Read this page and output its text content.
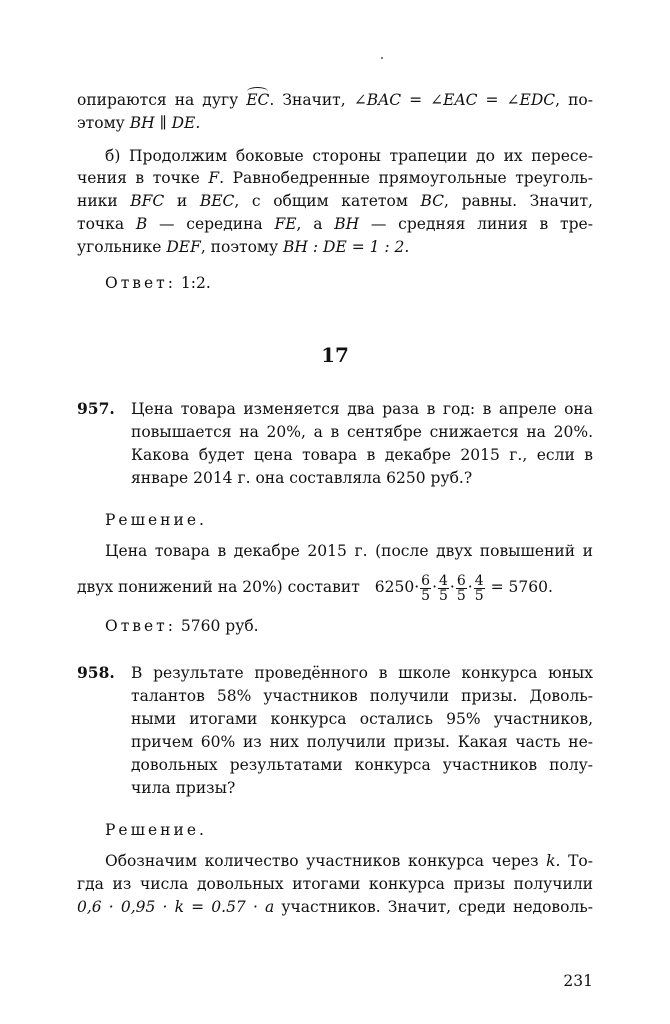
опираются на дугу EC. Значит, ∠BAC = ∠EAC = ∠EDC, по-
этому BH ∥ DE.
б) Продолжим боковые стороны трапеции до их пересе-
чения в точке F. Равнобедренные прямоугольные треуголь-
ники BFC и BEC, с общим катетом BC, равны. Значит,
точка B — середина FE, а BH — средняя линия в тре-
угольнике DEF, поэтому BH : DE = 1 : 2.
Ответ: 1:2.
17
957. Цена товара изменяется два раза в год: в апреле она
повышается на 20%, а в сентябре снижается на 20%.
Какова будет цена товара в декабре 2015 г., если в
январе 2014 г. она составляла 6250 руб.?
Решение.
Цена товара в декабре 2015 г. (после двух повышений и
двух понижений на 20%) составит $6250\cdot \frac{6}{5} \cdot \frac{4}{5} \cdot \frac{6}{5} \cdot \frac{4}{5} = 5760$.
Ответ: 5760 руб.
958. В результате проведённого в школе конкурса юных
талантов 58% участников получили призы. Доволь-
ными итогами конкурса остались 95% участников,
причем 60% из них получили призы. Какая часть не-
довольных результатами конкурса участников полу-
чила призы?
Решение.
Обозначим количество участников конкурса через k. То-
гда из числа довольных итогами конкурса призы получили
0,6 · 0,95 · k = 0.57 · a участников. Значит, среди недоволь-
231
